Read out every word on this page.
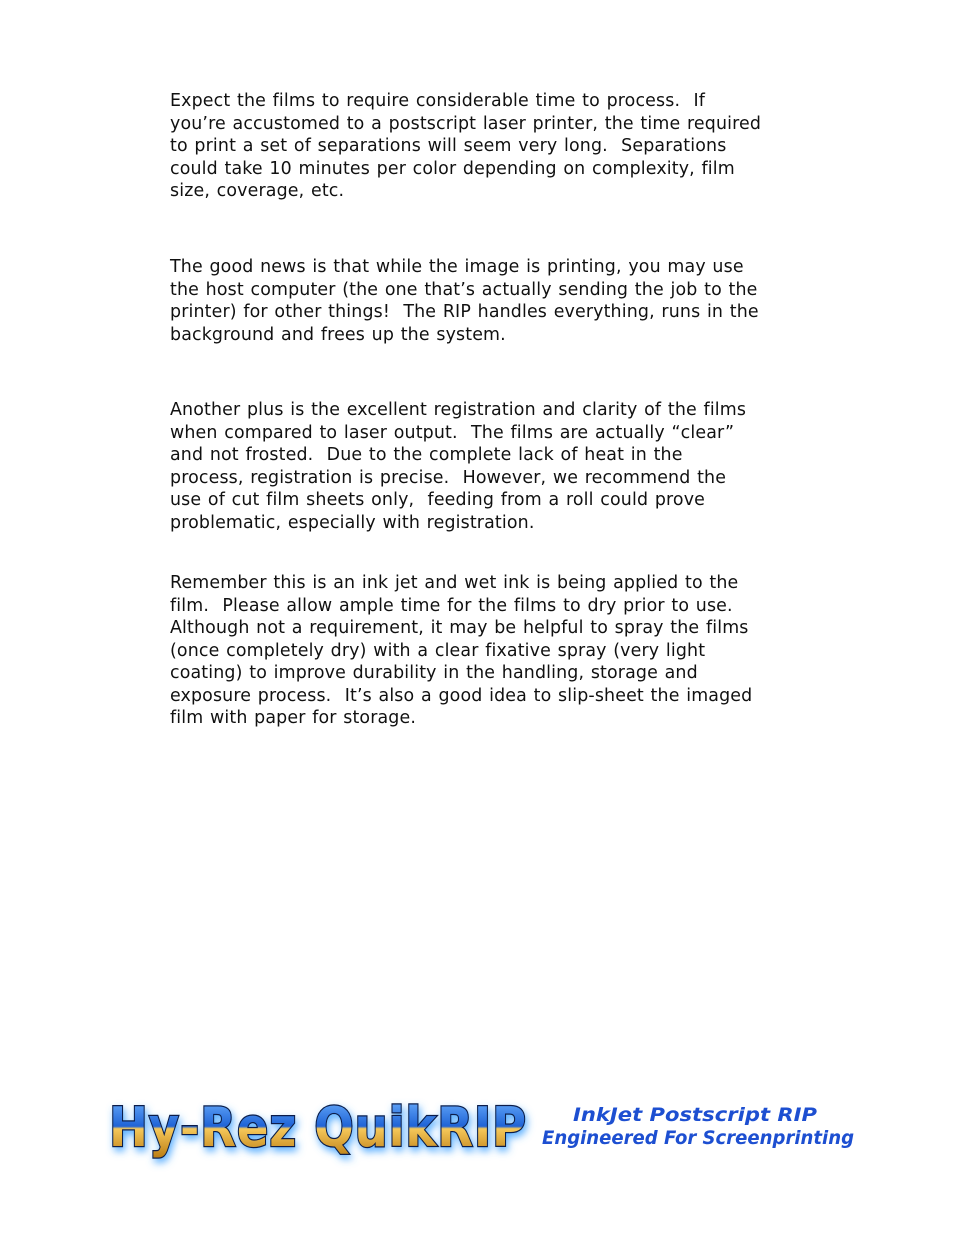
Expect the films to require considerable time to process.  If
you’re accustomed to a postscript laser printer, the time required
to print a set of separations will seem very long.  Separations
could take 10 minutes per color depending on complexity, film
size, coverage, etc.
The good news is that while the image is printing, you may use
the host computer (the one that’s actually sending the job to the
printer) for other things!  The RIP handles everything, runs in the
background and frees up the system.
Another plus is the excellent registration and clarity of the films
when compared to laser output.  The films are actually “clear”
and not frosted.  Due to the complete lack of heat in the
process, registration is precise.  However, we recommend the
use of cut film sheets only,  feeding from a roll could prove
problematic, especially with registration.
Remember this is an ink jet and wet ink is being applied to the
film.  Please allow ample time for the films to dry prior to use.
Although not a requirement, it may be helpful to spray the films
(once completely dry) with a clear fixative spray (very light
coating) to improve durability in the handling, storage and
exposure process.  It’s also a good idea to slip-sheet the imaged
film with paper for storage.
Hy-Rez QuikRIP InkJet Postscript RIP
Engineered For Screenprinting
